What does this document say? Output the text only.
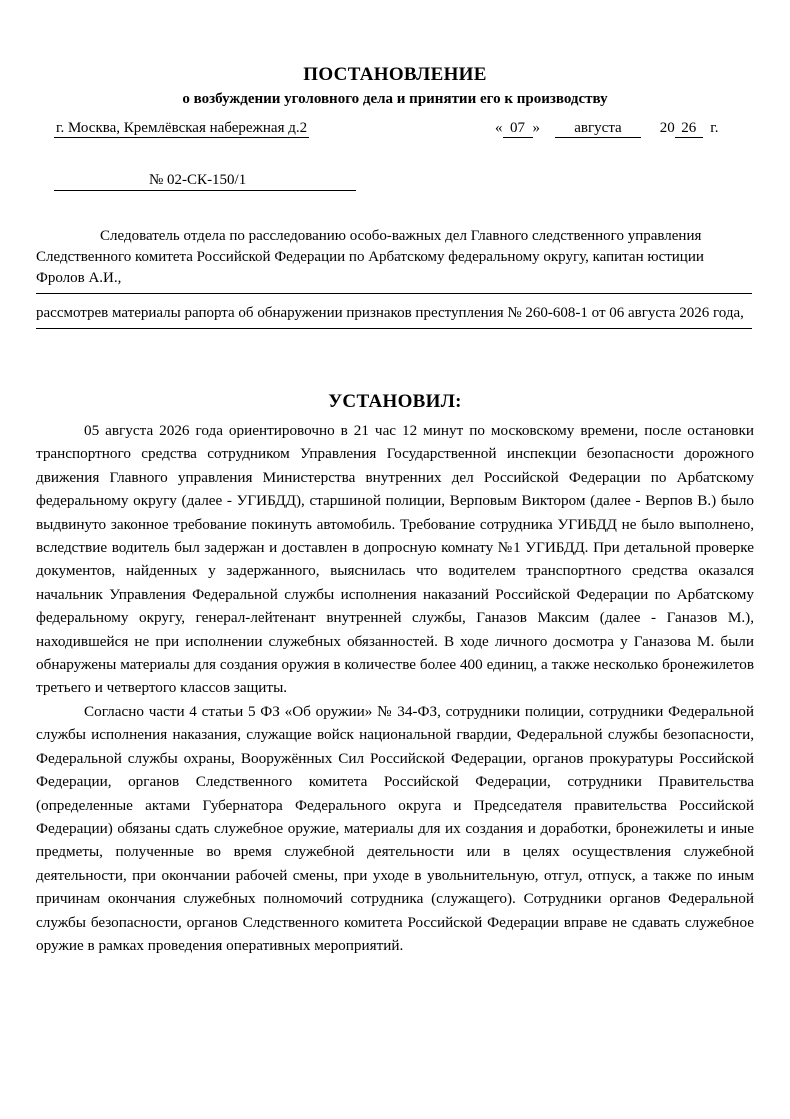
ПОСТАНОВЛЕНИЕ
о возбуждении уголовного дела и принятии его к производству
г. Москва, Кремлёвская набережная д.2	« 07 » августа	20 26 г.
№ 02-СК-150/1

Следователь отдела по расследованию особо-важных дел Главного следственного управления Следственного комитета Российской Федерации по Арбатскому федеральному округу, капитан юстиции Фролов А.И.,

рассмотрев материалы рапорта об обнаружении признаков преступления № 260-608-1 от 06 августа 2026 года,

УСТАНОВИЛ:

05 августа 2026 года ориентировочно в 21 час 12 минут по московскому времени, после остановки транспортного средства сотрудником Управления Государственной инспекции безопасности дорожного движения Главного управления Министерства внутренних дел Российской Федерации по Арбатскому федеральному округу (далее - УГИБДД), старшиной полиции, Верповым Виктором (далее - Верпов В.) было выдвинуто законное требование покинуть автомобиль. Требование сотрудника УГИБДД не было выполнено, вследствие водитель был задержан и доставлен в допросную комнату №1 УГИБДД. При детальной проверке документов, найденных у задержанного, выяснилась что водителем транспортного средства оказался начальник Управления Федеральной службы исполнения наказаний Российской Федерации по Арбатскому федеральному округу, генерал-лейтенант внутренней службы, Ганазов Максим (далее - Ганазов М.), находившейся не при исполнении служебных обязанностей. В ходе личного досмотра у Ганазова М. были обнаружены материалы для создания оружия в количестве более 400 единиц, а также несколько бронежилетов третьего и четвертого классов защиты.

Согласно части 4 статьи 5 ФЗ «Об оружии» № 34-ФЗ, сотрудники полиции, сотрудники Федеральной службы исполнения наказания, служащие войск национальной гвардии, Федеральной службы безопасности, Федеральной службы охраны, Вооружённых Сил Российской Федерации, органов прокуратуры Российской Федерации, органов Следственного комитета Российской Федерации, сотрудники Правительства (определенные актами Губернатора Федерального округа и Председателя правительства Российской Федерации) обязаны сдать служебное оружие, материалы для их создания и доработки, бронежилеты и иные предметы, полученные во время служебной деятельности или в целях осуществления служебной деятельности, при окончании рабочей смены, при уходе в увольнительную, отгул, отпуск, а также по иным причинам окончания служебных полномочий сотрудника (служащего). Сотрудники органов Федеральной службы безопасности, органов Следственного комитета Российской Федерации вправе не сдавать служебное оружие в рамках проведения оперативных мероприятий.
